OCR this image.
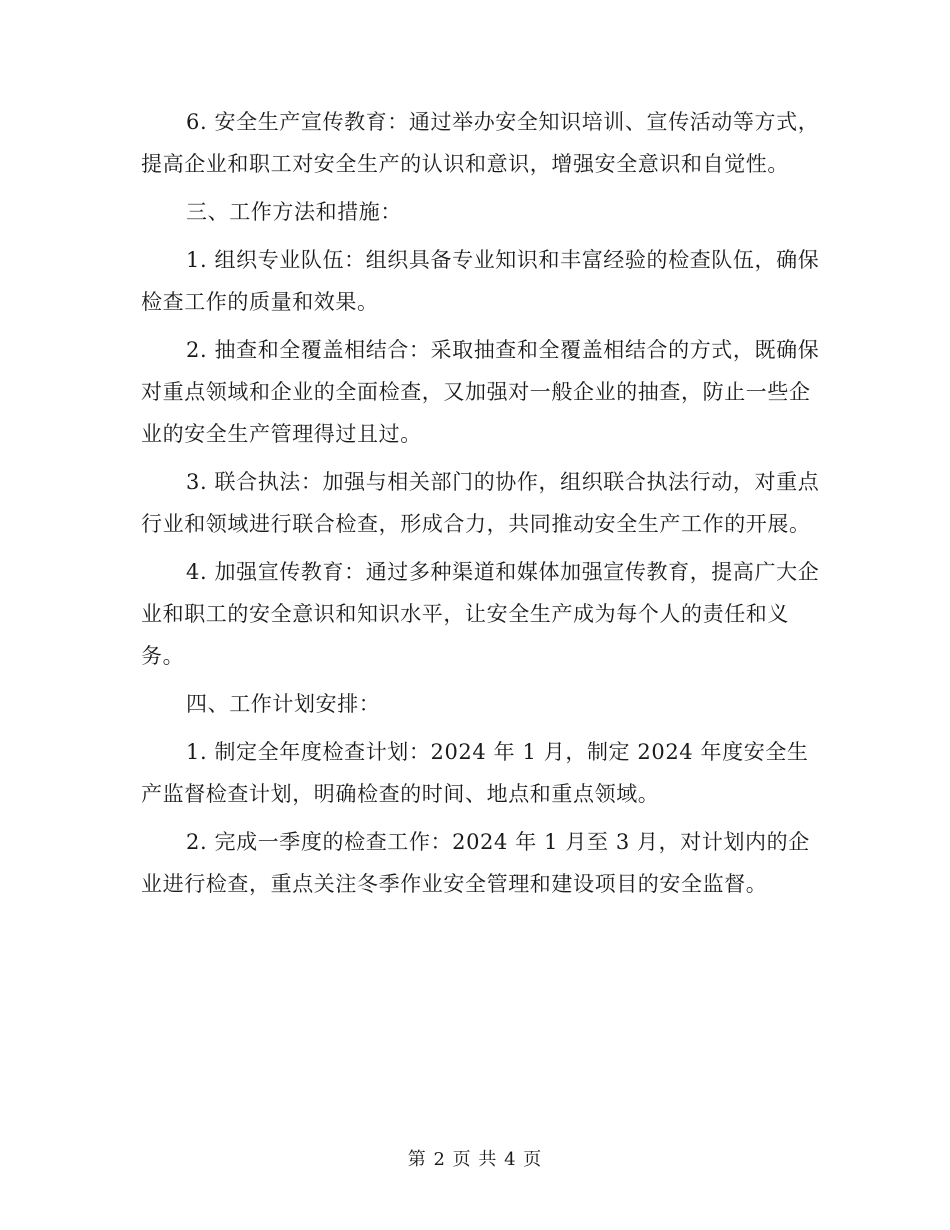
6. 安全生产宣传教育：通过举办安全知识培训、宣传活动等方式，提高企业和职工对安全生产的认识和意识，增强安全意识和自觉性。

三、工作方法和措施：

1. 组织专业队伍：组织具备专业知识和丰富经验的检查队伍，确保检查工作的质量和效果。

2. 抽查和全覆盖相结合：采取抽查和全覆盖相结合的方式，既确保对重点领域和企业的全面检查，又加强对一般企业的抽查，防止一些企业的安全生产管理得过且过。

3. 联合执法：加强与相关部门的协作，组织联合执法行动，对重点行业和领域进行联合检查，形成合力，共同推动安全生产工作的开展。

4. 加强宣传教育：通过多种渠道和媒体加强宣传教育，提高广大企业和职工的安全意识和知识水平，让安全生产成为每个人的责任和义务。

四、工作计划安排：

1. 制定全年度检查计划：2024 年 1 月，制定 2024 年度安全生产监督检查计划，明确检查的时间、地点和重点领域。

2. 完成一季度的检查工作：2024 年 1 月至 3 月，对计划内的企业进行检查，重点关注冬季作业安全管理和建设项目的安全监督。

第 2 页 共 4 页
